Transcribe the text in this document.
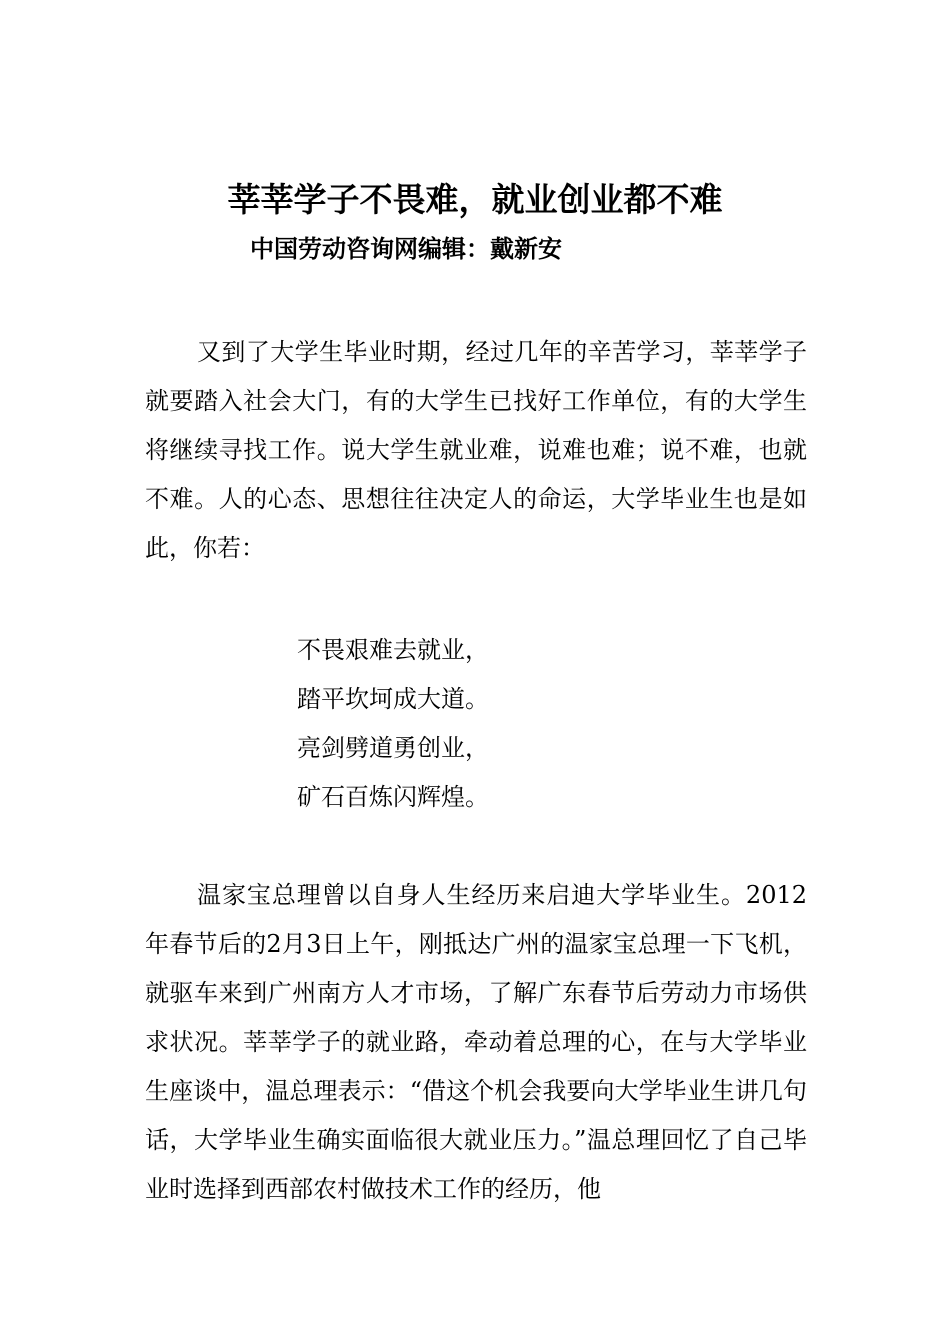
莘莘学子不畏难，就业创业都不难
中国劳动咨询网编辑：戴新安

又到了大学生毕业时期，经过几年的辛苦学习，莘莘学子就要踏入社会大门，有的大学生已找好工作单位，有的大学生将继续寻找工作。说大学生就业难，说难也难；说不难，也就不难。人的心态、思想往往决定人的命运，大学毕业生也是如此，你若：

不畏艰难去就业，
踏平坎坷成大道。
亮剑劈道勇创业，
矿石百炼闪辉煌。

温家宝总理曾以自身人生经历来启迪大学毕业生。2012年春节后的2月3日上午，刚抵达广州的温家宝总理一下飞机，就驱车来到广州南方人才市场，了解广东春节后劳动力市场供求状况。莘莘学子的就业路，牵动着总理的心，在与大学毕业生座谈中，温总理表示：“借这个机会我要向大学毕业生讲几句话，大学毕业生确实面临很大就业压力。”温总理回忆了自己毕业时选择到西部农村做技术工作的经历，他
